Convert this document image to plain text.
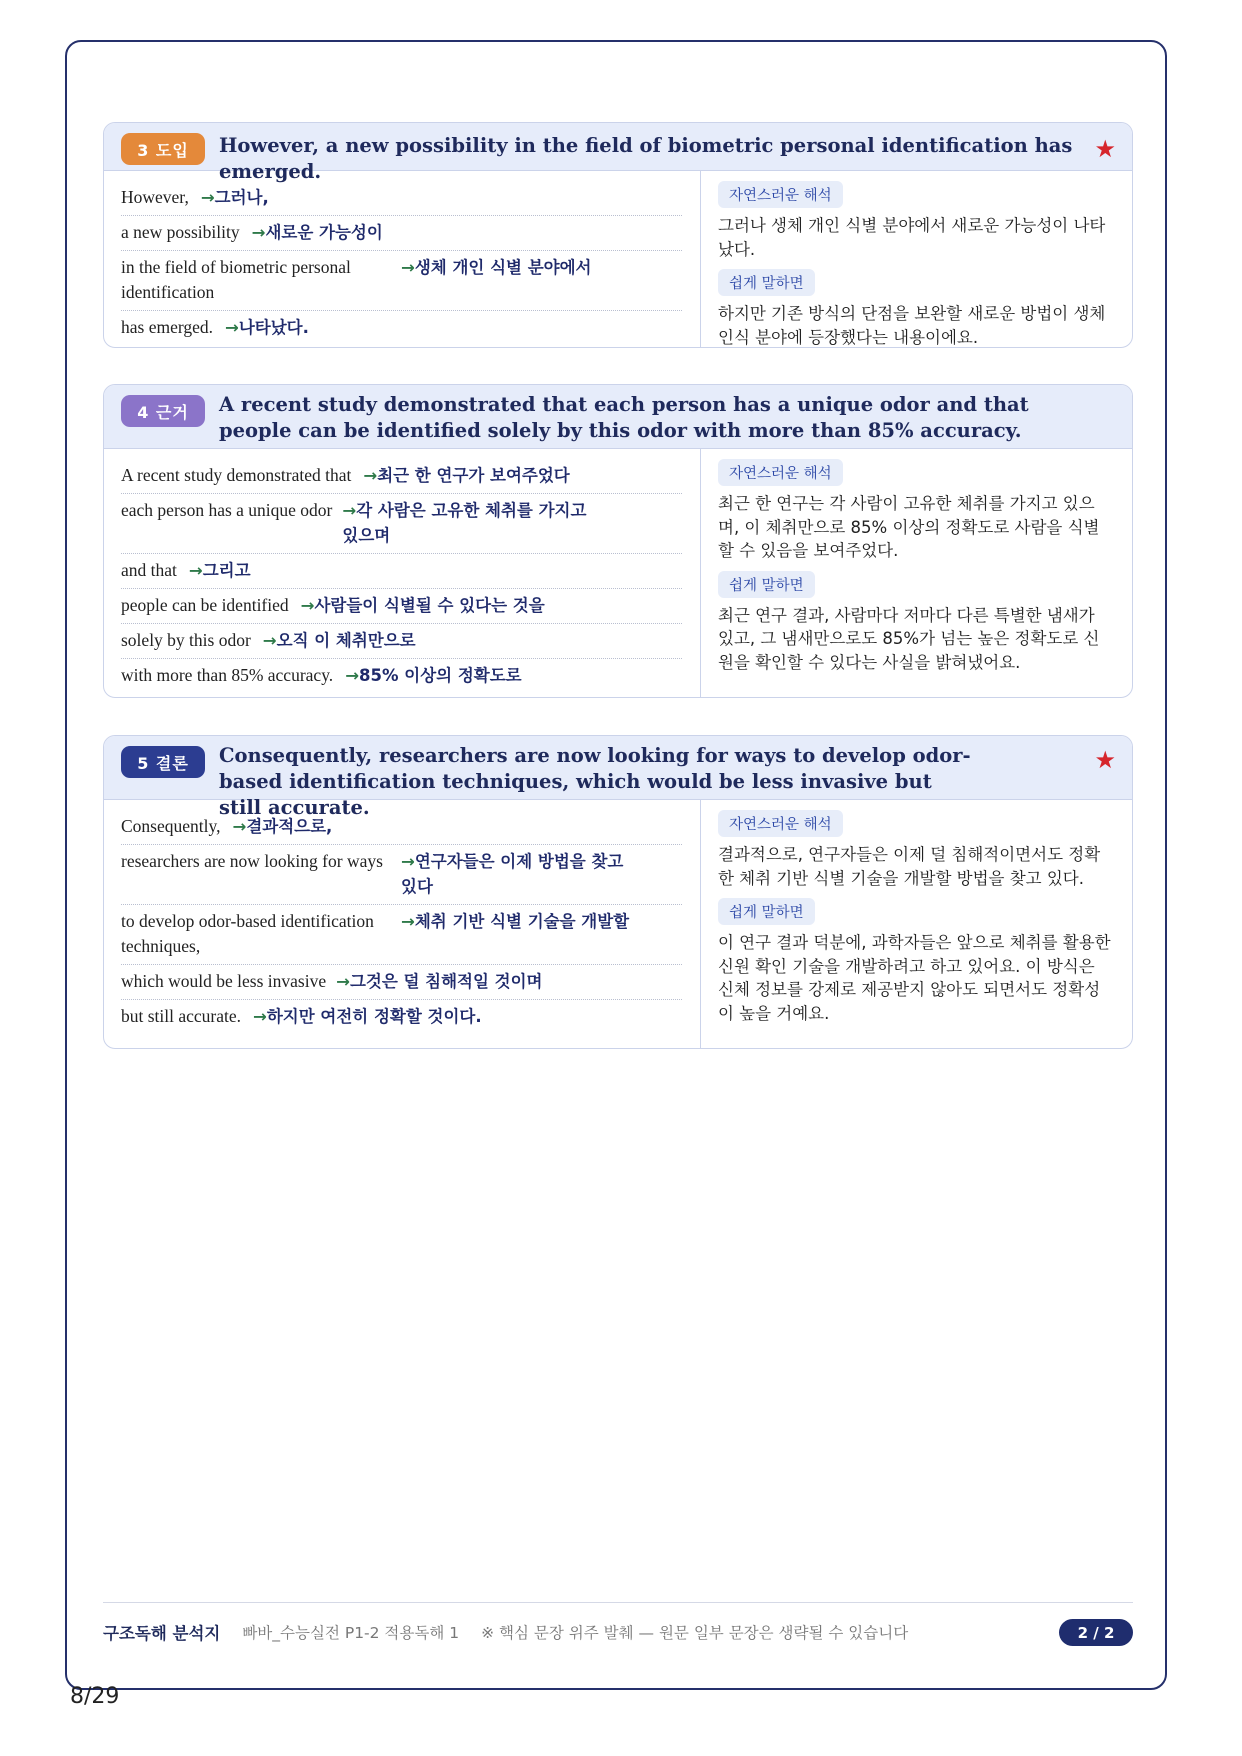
3 도입	However, a new possibility in the field of biometric personal identification has emerged.
★
However, →그러나,
a new possibility →새로운 가능성이
in the field of biometric personal identification
→생체 개인 식별 분야에서
has emerged. →나타났다.
자연스러운 해석
그러나 생체 개인 식별 분야에서 새로운 가능성이 나타났다.
쉽게 말하면
하지만 기존 방식의 단점을 보완할 새로운 방법이 생체 인식 분야에 등장했다는 내용이에요.
4 근거	A recent study demonstrated that each person has a unique odor and that people can be identified solely by this odor with more than 85% accuracy.
A recent study demonstrated that →최근 한 연구가 보여주었다
each person has a unique odor →각 사람은 고유한 체취를 가지고 있으며
and that →그리고
people can be identified →사람들이 식별될 수 있다는 것을
solely by this odor →오직 이 체취만으로
with more than 85% accuracy. →85% 이상의 정확도로
자연스러운 해석
최근 한 연구는 각 사람이 고유한 체취를 가지고 있으며, 이 체취만으로 85% 이상의 정확도로 사람을 식별할 수 있음을 보여주었다.
쉽게 말하면
최근 연구 결과, 사람마다 저마다 다른 특별한 냄새가 있고, 그 냄새만으로도 85%가 넘는 높은 정확도로 신원을 확인할 수 있다는 사실을 밝혀냈어요.
5 결론	Consequently, researchers are now looking for ways to develop odor-based identification techniques, which would be less invasive but still accurate.
★
Consequently, →결과적으로,
researchers are now looking for ways	→연구자들은 이제 방법을 찾고 있다
to develop odor-based identification techniques,
→체취 기반 식별 기술을 개발할
which would be less invasive →그것은 덜 침해적일 것이며
but still accurate. →하지만 여전히 정확할 것이다.
자연스러운 해석
결과적으로, 연구자들은 이제 덜 침해적이면서도 정확한 체취 기반 식별 기술을 개발할 방법을 찾고 있다.
쉽게 말하면
이 연구 결과 덕분에, 과학자들은 앞으로 체취를 활용한 신원 확인 기술을 개발하려고 하고 있어요. 이 방식은 신체 정보를 강제로 제공받지 않아도 되면서도 정확성이 높을 거예요.
구조독해 분석지 빠바_수능실전 P1-2 적용독해 1 ※ 핵심 문장 위주 발췌 — 원문 일부 문장은 생략될 수 있습니다	2 / 2
8/29
